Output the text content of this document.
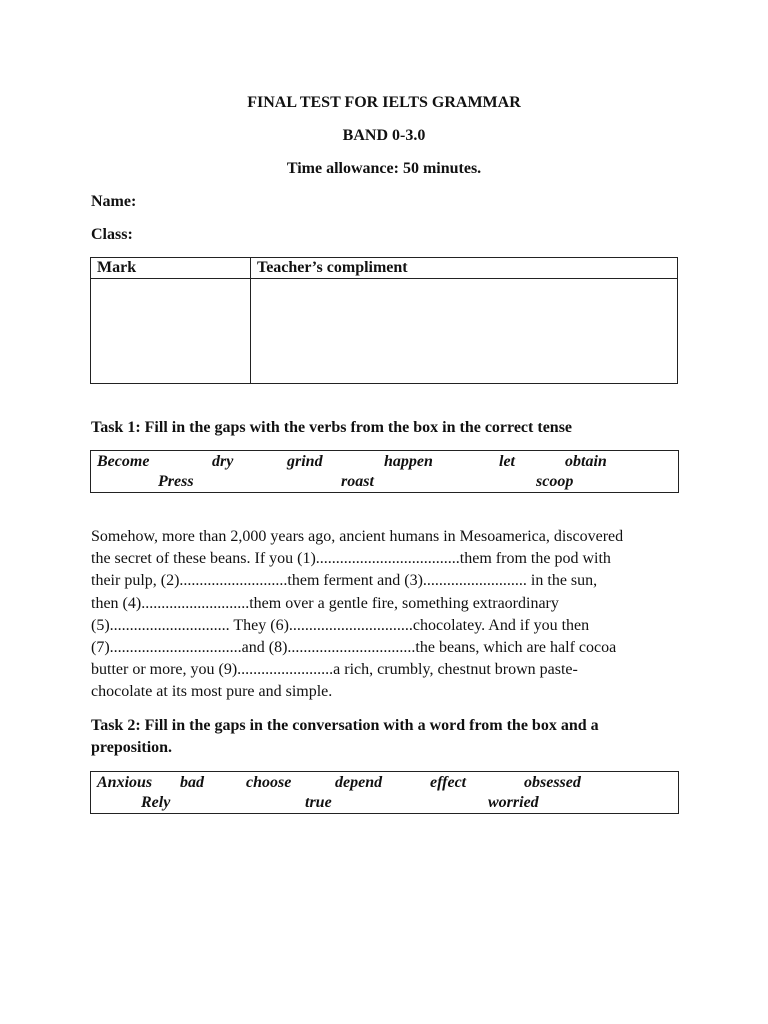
FINAL TEST FOR IELTS GRAMMAR
BAND 0-3.0
Time allowance: 50 minutes.
Name:
Class:
Mark	Teacher’s compliment

Task 1: Fill in the gaps with the verbs from the box in the correct tense
Become	dry	grind	happen	let	obtain
Press	roast	scoop
Somehow, more than 2,000 years ago, ancient humans in Mesoamerica, discovered
the secret of these beans. If you (1)....................................them from the pod with
their pulp, (2)...........................them ferment and (3).......................... in the sun,
then (4)...........................them over a gentle fire, something extraordinary
(5).............................. They (6)...............................chocolatey. And if you then
(7).................................and (8)................................the beans, which are half cocoa
butter or more, you (9)........................a rich, crumbly, chestnut brown paste-
chocolate at its most pure and simple.
Task 2: Fill in the gaps in the conversation with a word from the box and a preposition.
Anxious bad	choose	depend	effect	obsessed
Rely	true	worried
